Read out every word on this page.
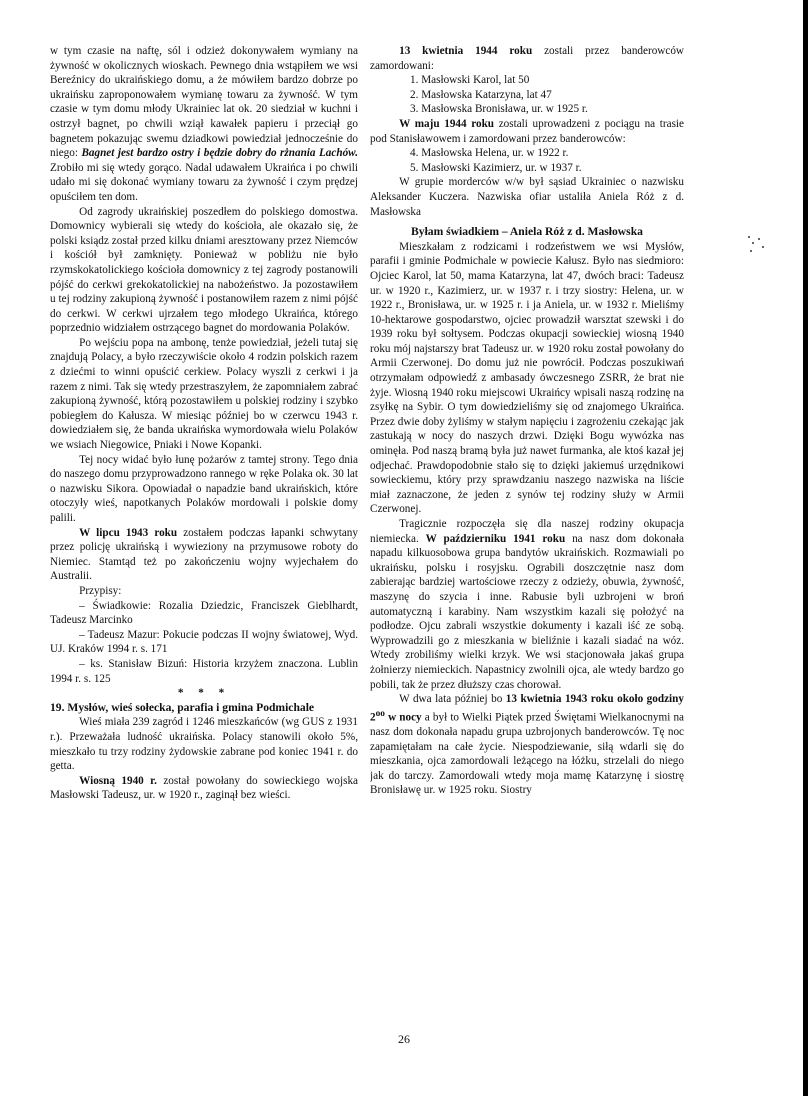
w tym czasie na naftę, sól i odzież dokonywałem wymiany na żywność w okolicznych wioskach. Pewnego dnia wstąpiłem we wsi Bereźnicy do ukraińskiego domu, a że mówiłem bardzo dobrze po ukraińsku zaproponowałem wymianę towaru za żywność. W tym czasie w tym domu młody Ukrainiec lat ok. 20 siedział w kuchni i ostrzył bagnet, po chwili wziął kawałek papieru i przeciął go bagnetem pokazując swemu dziadkowi powiedział jednocześnie do niego: Bagnet jest bardzo ostry i będzie dobry do rżnania Lachów. Zrobiło mi się wtedy gorąco. Nadal udawałem Ukraińca i po chwili udało mi się dokonać wymiany towaru za żywność i czym prędzej opuściłem ten dom.

Od zagrody ukraińskiej poszedłem do polskiego domostwa. Domownicy wybierali się wtedy do kościoła, ale okazało się, że polski ksiądz został przed kilku dniami aresztowany przez Niemców i kościół był zamknięty. Ponieważ w pobliżu nie było rzymskokatolickiego kościoła domownicy z tej zagrody postanowili pójść do cerkwi grekokatolickiej na nabożeństwo. Ja pozostawiłem u tej rodziny zakupioną żywność i postanowiłem razem z nimi pójść do cerkwi. W cerkwi ujrzałem tego młodego Ukraińca, którego poprzednio widziałem ostrzącego bagnet do mordowania Polaków.

Po wejściu popa na ambonę, tenże powiedział, jeżeli tutaj się znajdują Polacy, a było rzeczywiście około 4 rodzin polskich razem z dziećmi to winni opuścić cerkiew. Polacy wyszli z cerkwi i ja razem z nimi. Tak się wtedy przestraszyłem, że zapomniałem zabrać zakupioną żywność, którą pozostawiłem u polskiej rodziny i szybko pobiegłem do Kałusza. W miesiąc później bo w czerwcu 1943 r. dowiedziałem się, że banda ukraińska wymordowała wielu Polaków we wsiach Niegowice, Pniaki i Nowe Kopanki.

Tej nocy widać było łunę pożarów z tamtej strony. Tego dnia do naszego domu przyprowadzono rannego w ręke Polaka ok. 30 lat o nazwisku Sikora. Opowiadał o napadzie band ukraińskich, które otoczyły wieś, napotkanych Polaków mordowali i polskie domy palili.

W lipcu 1943 roku zostałem podczas łapanki schwytany przez policję ukraińską i wywieziony na przymusowe roboty do Niemiec. Stamtąd też po zakończeniu wojny wyjechałem do Australii.

Przypisy:

– Świadkowie: Rozalia Dziedzic, Franciszek Gieblhardt, Tadeusz Marcinko

– Tadeusz Mazur: Pokucie podczas II wojny światowej, Wyd. UJ. Kraków 1994 r. s. 171

– ks. Stanisław Bizuń: Historia krzyżem znaczona. Lublin 1994 r. s. 125

* * *

19. Mysłów, wieś sołecka, parafia i gmina Podmichale

Wieś miała 239 zagród i 1246 mieszkańców (wg GUS z 1931 r.). Przeważała ludność ukraińska. Polacy stanowili około 5%, mieszkało tu trzy rodziny żydowskie zabrane pod koniec 1941 r. do getta.

Wiosną 1940 r. został powołany do sowieckiego wojska Masłowski Tadeusz, ur. w 1920 r., zaginął bez wieści.

13 kwietnia 1944 roku zostali przez banderowców zamordowani:

1. Masłowski Karol, lat 50

2. Masłowska Katarzyna, lat 47

3. Masłowska Bronisława, ur. w 1925 r.

W maju 1944 roku zostali uprowadzeni z pociągu na trasie pod Stanisławowem i zamordowani przez banderowców:

4. Masłowska Helena, ur. w 1922 r.

5. Masłowski Kazimierz, ur. w 1937 r.

W grupie morderców w/w był sąsiad Ukrainiec o nazwisku Aleksander Kuczera. Nazwiska ofiar ustaliła Aniela Róż z d. Masłowska

Byłam świadkiem – Aniela Róż z d. Masłowska

Mieszkałam z rodzicami i rodzeństwem we wsi Mysłów, parafii i gminie Podmichale w powiecie Kałusz. Było nas siedmioro: Ojciec Karol, lat 50, mama Katarzyna, lat 47, dwóch braci: Tadeusz ur. w 1920 r., Kazimierz, ur. w 1937 r. i trzy siostry: Helena, ur. w 1922 r., Bronisława, ur. w 1925 r. i ja Aniela, ur. w 1932 r. Mieliśmy 10-hektarowe gospodarstwo, ojciec prowadził warsztat szewski i do 1939 roku był sołtysem. Podczas okupacji sowieckiej wiosną 1940 roku mój najstarszy brat Tadeusz ur. w 1920 roku został powołany do Armii Czerwonej. Do domu już nie powrócił. Podczas poszukiwań otrzymałam odpowiedź z ambasady ówczesnego ZSRR, że brat nie żyje. Wiosną 1940 roku miejscowi Ukraińcy wpisali naszą rodzinę na zsyłkę na Sybir. O tym dowiedzieliśmy się od znajomego Ukraińca. Przez dwie doby żyliśmy w stałym napięciu i zagrożeniu czekając jak zastukają w nocy do naszych drzwi. Dzięki Bogu wywózka nas ominęła. Pod naszą bramą była już nawet furmanka, ale ktoś kazał jej odjechać. Prawdopodobnie stało się to dzięki jakiemuś urzędnikowi sowieckiemu, który przy sprawdzaniu naszego nazwiska na liście miał zaznaczone, że jeden z synów tej rodziny służy w Armii Czerwonej.

Tragicznie rozpoczęła się dla naszej rodziny okupacja niemiecka. W październiku 1941 roku na nasz dom dokonała napadu kilkuosobowa grupa bandytów ukraińskich. Rozmawiali po ukraińsku, polsku i rosyjsku. Ograbili doszczętnie nasz dom zabierając bardziej wartościowe rzeczy z odzieży, obuwia, żywność, maszynę do szycia i inne. Rabusie byli uzbrojeni w broń automatyczną i karabiny. Nam wszystkim kazali się położyć na podłodze. Ojcu zabrali wszystkie dokumenty i kazali iść ze sobą. Wyprowadzili go z mieszkania w bieliźnie i kazali siadać na wóz. Wtedy zrobiliśmy wielki krzyk. We wsi stacjonowała jakaś grupa żołnierzy niemieckich. Napastnicy zwolnili ojca, ale wtedy bardzo go pobili, tak że przez dłuższy czas chorował.

W dwa lata później bo 13 kwietnia 1943 roku około godziny $2^{oo}$ w nocy a był to Wielki Piątek przed Świętami Wielkanocnymi na nasz dom dokonała napadu grupa uzbrojonych banderowców. Tę noc zapamiętałam na całe życie. Niespodziewanie, siłą wdarli się do mieszkania, ojca zamordowali leżącego na łóżku, strzelali do niego jak do tarczy. Zamordowali wtedy moja mamę Katarzynę i siostrę Bronisławę ur. w 1925 roku. Siostry

26
